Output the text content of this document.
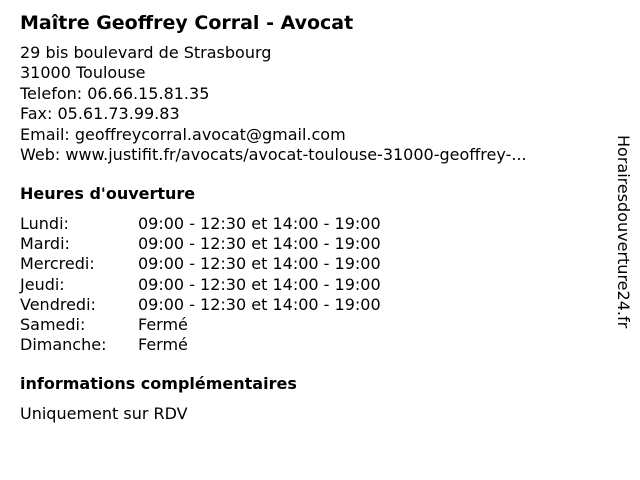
Maître Geoffrey Corral - Avocat
29 bis boulevard de Strasbourg
31000 Toulouse
Telefon: 06.66.15.81.35
Fax: 05.61.73.99.83
Email: geoffreycorral.avocat@gmail.com
Web: www.justifit.fr/avocats/avocat-toulouse-31000-geoffrey-...
Heures d'ouverture
Lundi:	09:00 - 12:30 et 14:00 - 19:00
Mardi:	09:00 - 12:30 et 14:00 - 19:00
Mercredi:	09:00 - 12:30 et 14:00 - 19:00
Jeudi:	09:00 - 12:30 et 14:00 - 19:00
Vendredi:	09:00 - 12:30 et 14:00 - 19:00
Samedi:	Fermé
Dimanche: Fermé
informations complémentaires
Uniquement sur RDV
Horairesdouverture24.fr
